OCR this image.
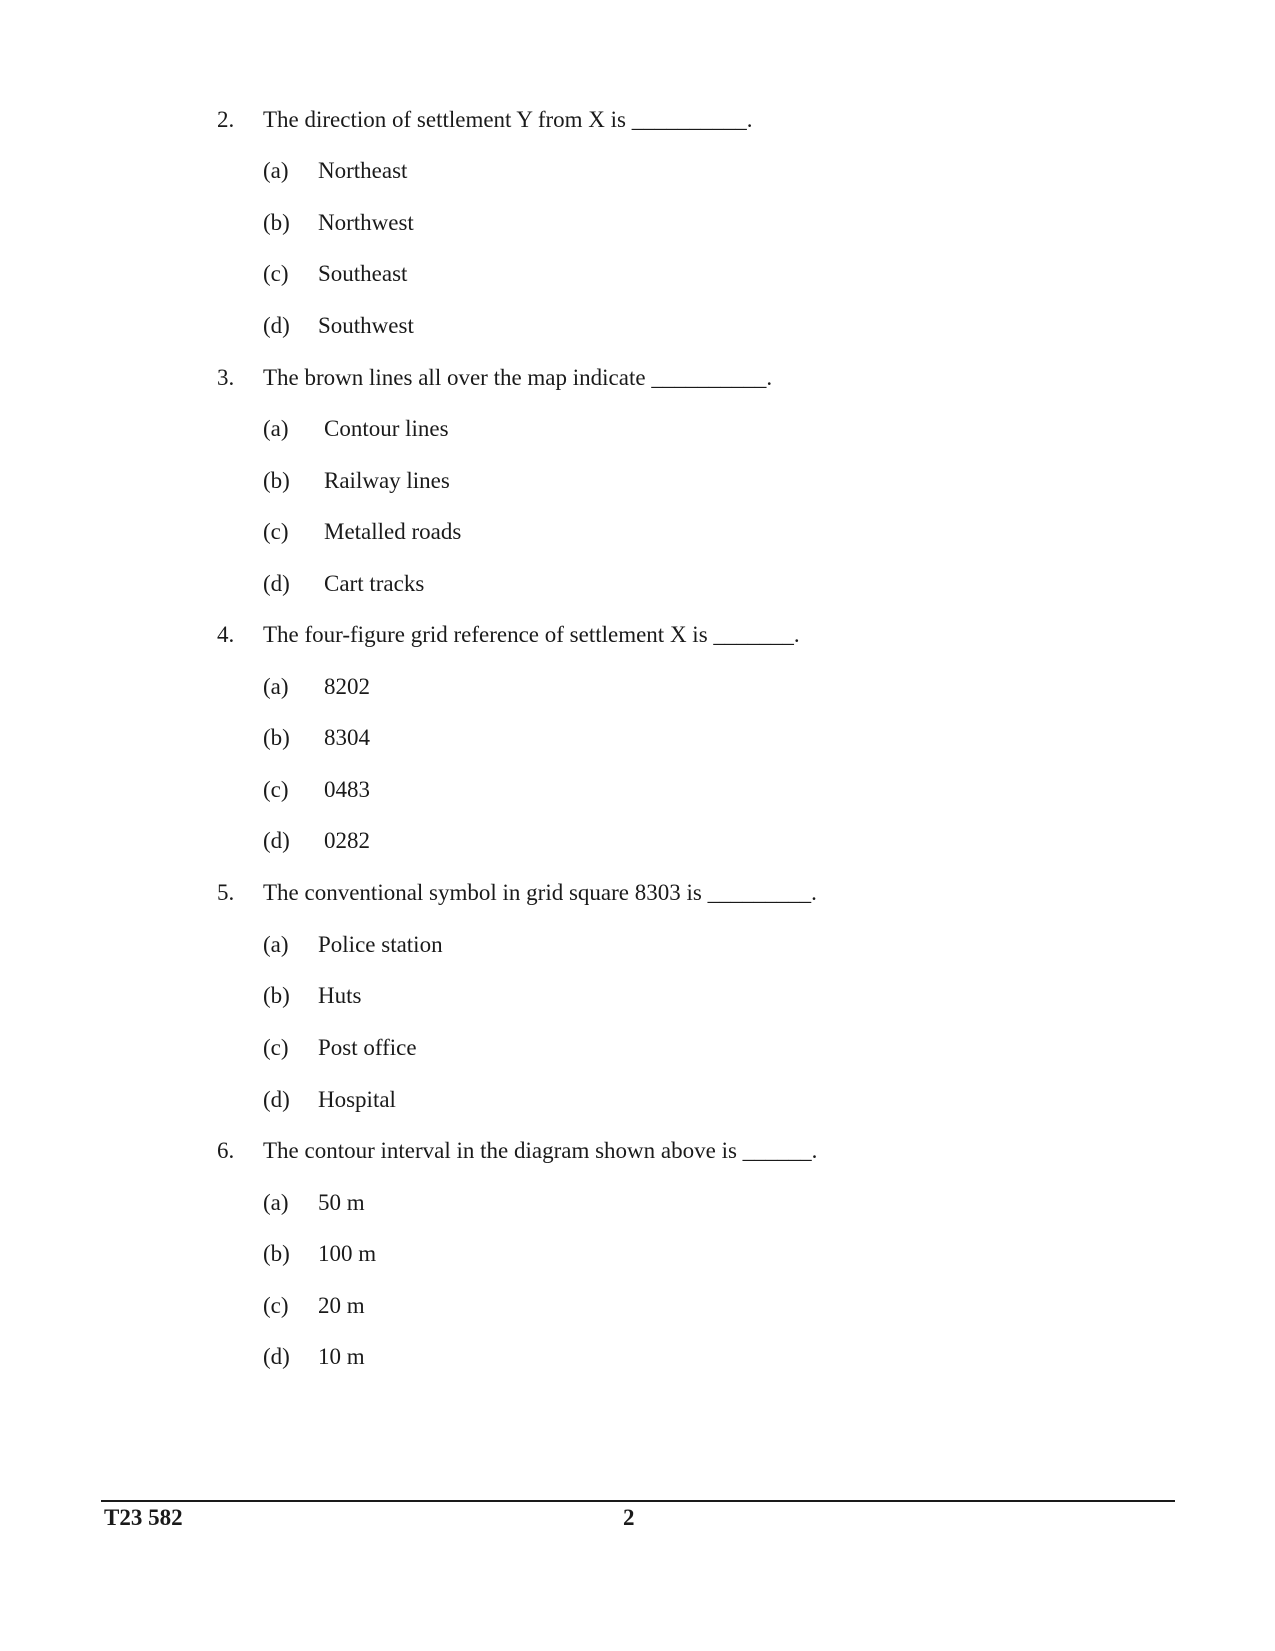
2. The direction of settlement Y from X is __________.
(a) Northeast
(b) Northwest
(c) Southeast
(d) Southwest
3. The brown lines all over the map indicate __________.
(a) Contour lines
(b) Railway lines
(c) Metalled roads
(d) Cart tracks
4. The four-figure grid reference of settlement X is _______.
(a) 8202
(b) 8304
(c) 0483
(d) 0282
5. The conventional symbol in grid square 8303 is _________.
(a) Police station
(b) Huts
(c) Post office
(d) Hospital
6. The contour interval in the diagram shown above is ______.
(a) 50 m
(b) 100 m
(c) 20 m
(d) 10 m
T23 582	2
